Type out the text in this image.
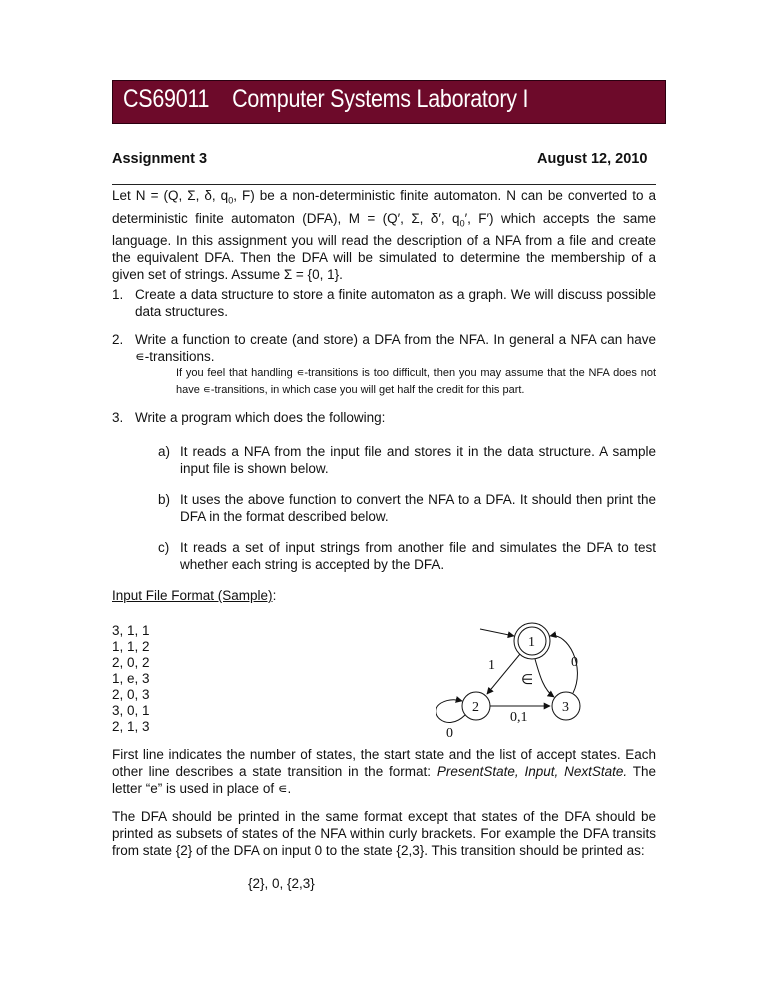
CS69011 Computer Systems Laboratory I
Assignment 3	August 12, 2010

Let N = (Q, Σ, δ, $q_0$, F) be a non-deterministic finite automaton. N can be converted to a deterministic finite automaton (DFA), M = (Q′, Σ, δ′, $q_0'$, F′) which accepts the same language. In this assignment you will read the description of a NFA from a file and create the equivalent DFA. Then the DFA will be simulated to determine the membership of a given set of strings. Assume Σ = {0, 1}.

1. Create a data structure to store a finite automaton as a graph. We will discuss possible data structures.

2. Write a function to create (and store) a DFA from the NFA. In general a NFA can have ∊-transitions.

If you feel that handling ∊-transitions is too difficult, then you may assume that the NFA does not have ∊-transitions, in which case you will get half the credit for this part.

3. Write a program which does the following:

a) It reads a NFA from the input file and stores it in the data structure. A sample input file is shown below.

b) It uses the above function to convert the NFA to a DFA. It should then print the DFA in the format described below.

c) It reads a set of input strings from another file and simulates the DFA to test whether each string is accepted by the DFA.

Input File Format (Sample):
3, 1, 1
1, 1, 2
2, 0, 2
1, e, 3
2, 0, 3
3, 0, 1
2, 1, 3
1
2	3
1	0
∈
0,1
0

First line indicates the number of states, the start state and the list of accept states. Each other line describes a state transition in the format: PresentState, Input, NextState. The letter “e” is used in place of ∊.

The DFA should be printed in the same format except that states of the DFA should be printed as subsets of states of the NFA within curly brackets. For example the DFA transits from state {2} of the DFA on input 0 to the state {2,3}. This transition should be printed as:

{2}, 0, {2,3}
